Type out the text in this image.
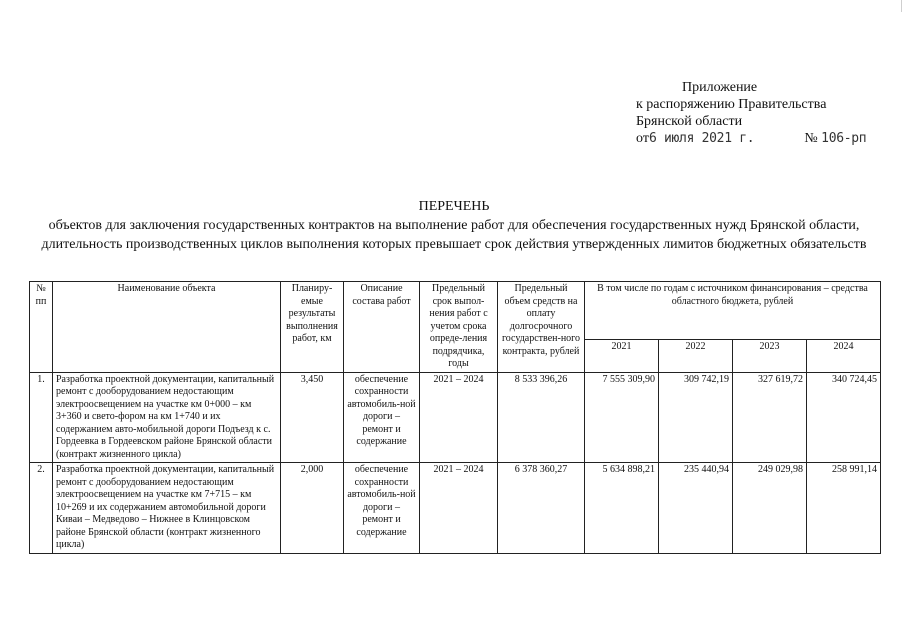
Приложение
к распоряжению Правительства
Брянской области
от6 июля 2021 г.	№ 106-рп
ПЕРЕЧЕНЬ
объектов для заключения государственных контрактов на выполнение работ для обеспечения государственных нужд Брянской области, длительность производственных циклов выполнения которых превышает срок действия утвержденных лимитов бюджетных обязательств
№ пп	Наименование объекта	Планиру-емые результаты выполнения работ, км	Описание состава работ	Предельный срок выпол-нения работ с учетом срока опреде-ления подрядчика, годы	Предельный объем средств на оплату долгосрочного государствен-ного контракта, рублей	В том числе по годам с источником финансирования – средства областного бюджета, рублей			
						2021	2022	2023	2024
1.	Разработка проектной документации, капитальный ремонт с дооборудованием недостающим электроосвещением на участке км 0+000 – км 3+360 и свето-фором на км 1+740 и их содержанием авто-мобильной дороги Подъезд к с. Гордеевка в Гордеевском районе Брянской области (контракт жизненного цикла)	3,450	обеспечение сохранности автомобиль-ной дороги – ремонт и содержание	2021 – 2024	8 533 396,26	7 555 309,90	309 742,19	327 619,72	340 724,45
2.	Разработка проектной документации, капитальный ремонт с дооборудованием недостающим электроосвещением на участке км 7+715 – км 10+269 и их содержанием автомобильной дороги Киваи – Медведово – Нижнее в Клинцовском районе Брянской области (контракт жизненного цикла)	2,000	обеспечение сохранности автомобиль-ной дороги – ремонт и содержание	2021 – 2024	6 378 360,27	5 634 898,21	235 440,94	249 029,98	258 991,14
